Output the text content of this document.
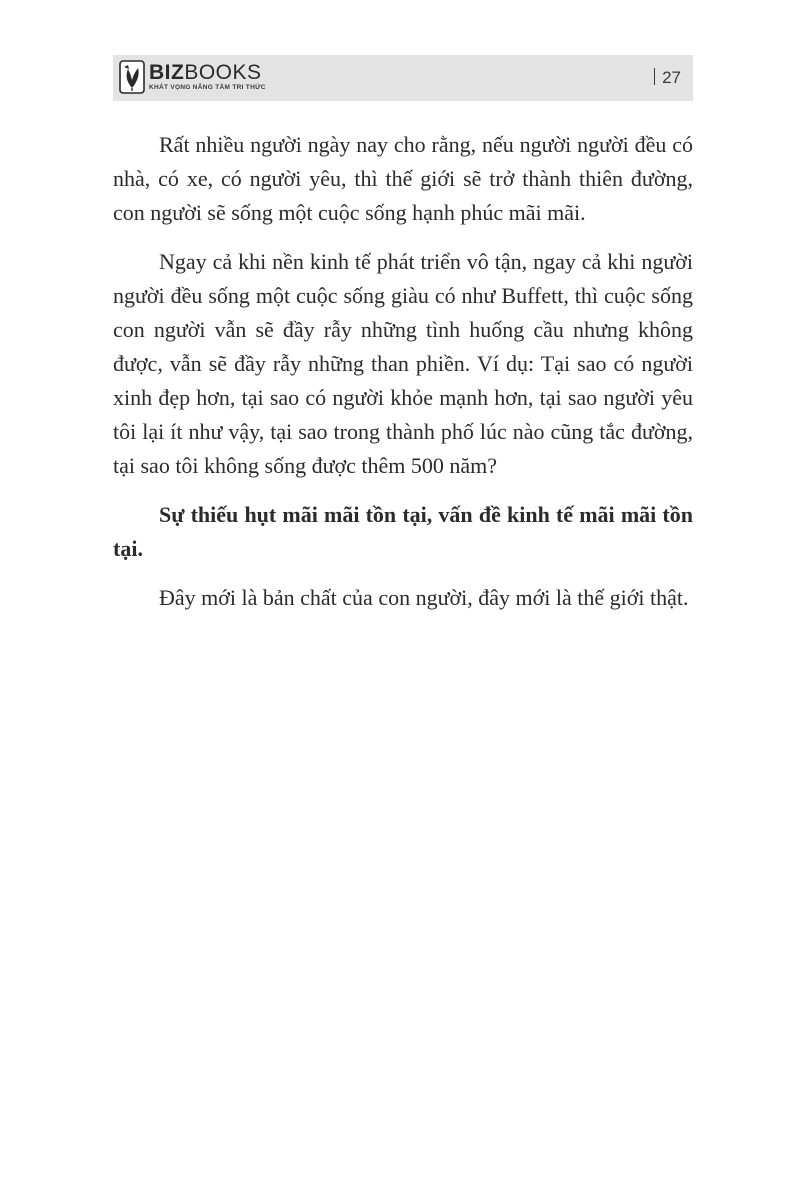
BIZBOOKS
KHÁT VỌNG NÂNG TẦM TRI THỨC
27

Rất nhiều người ngày nay cho rằng, nếu người người đều có nhà, có xe, có người yêu, thì thế giới sẽ trở thành thiên đường, con người sẽ sống một cuộc sống hạnh phúc mãi mãi.

Ngay cả khi nền kinh tế phát triển vô tận, ngay cả khi người người đều sống một cuộc sống giàu có như Buffett, thì cuộc sống con người vẫn sẽ đầy rẫy những tình huống cầu nhưng không được, vẫn sẽ đầy rẫy những than phiền. Ví dụ: Tại sao có người xinh đẹp hơn, tại sao có người khỏe mạnh hơn, tại sao người yêu tôi lại ít như vậy, tại sao trong thành phố lúc nào cũng tắc đường, tại sao tôi không sống được thêm 500 năm?

Sự thiếu hụt mãi mãi tồn tại, vấn đề kinh tế mãi mãi tồn tại.

Đây mới là bản chất của con người, đây mới là thế giới thật.
